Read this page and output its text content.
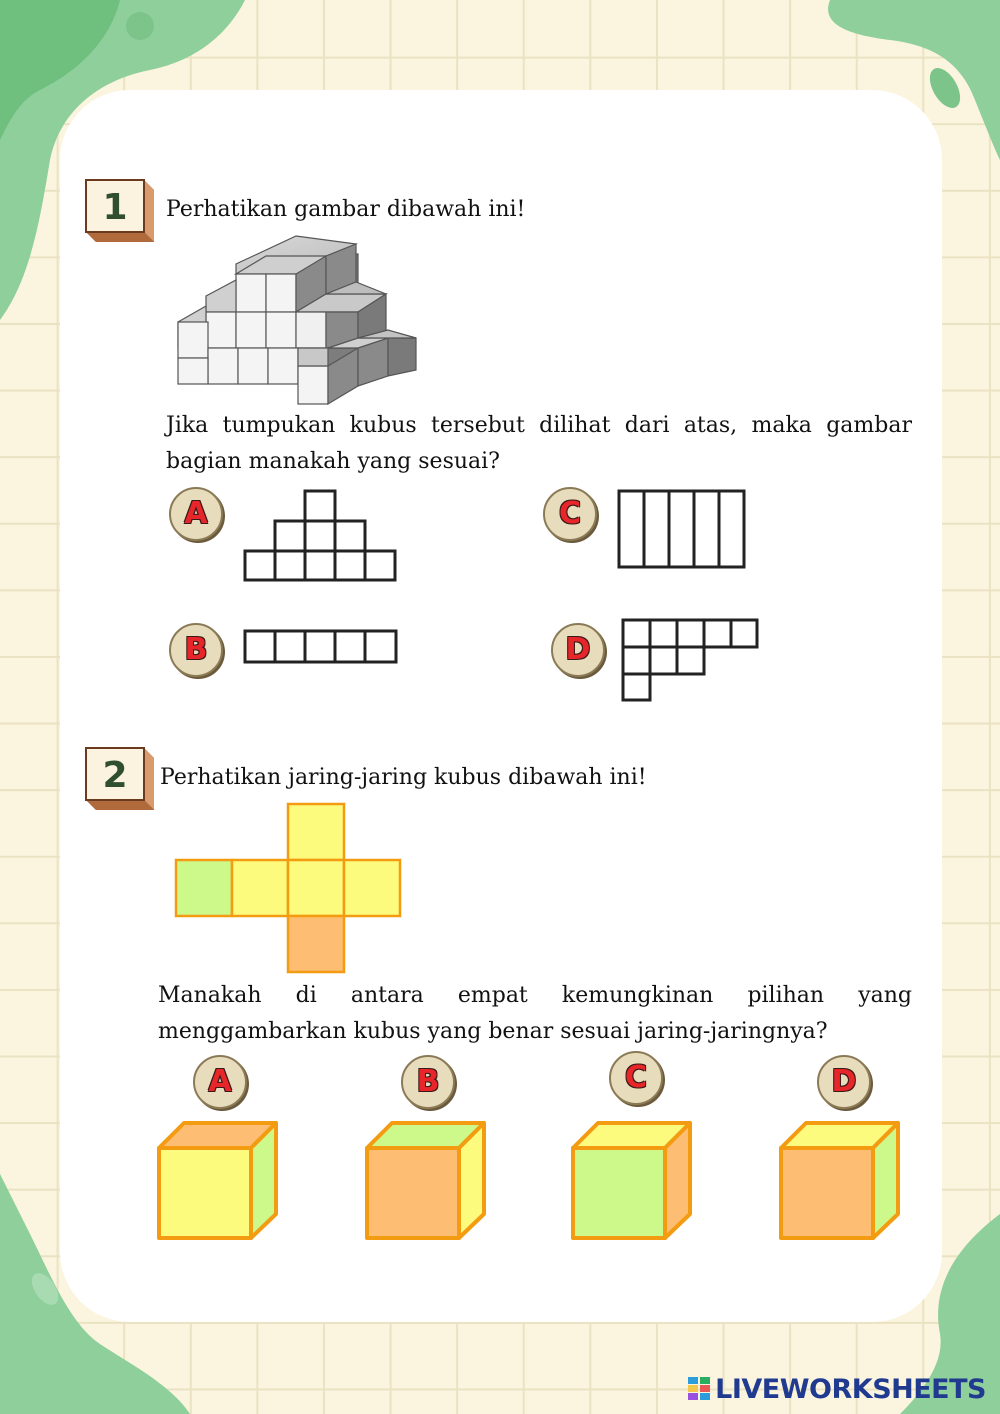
1 Perhatikan gambar dibawah ini!
Jika tumpukan kubus tersebut dilihat dari atas, maka gambar bagian manakah yang sesuai?
A
B
C
D
2 Perhatikan jaring-jaring kubus dibawah ini!
Manakah di antara empat kemungkinan pilihan yang menggambarkan kubus yang benar sesuai jaring-jaringnya?
A	B	C	D
LIVEWORKSHEETS
